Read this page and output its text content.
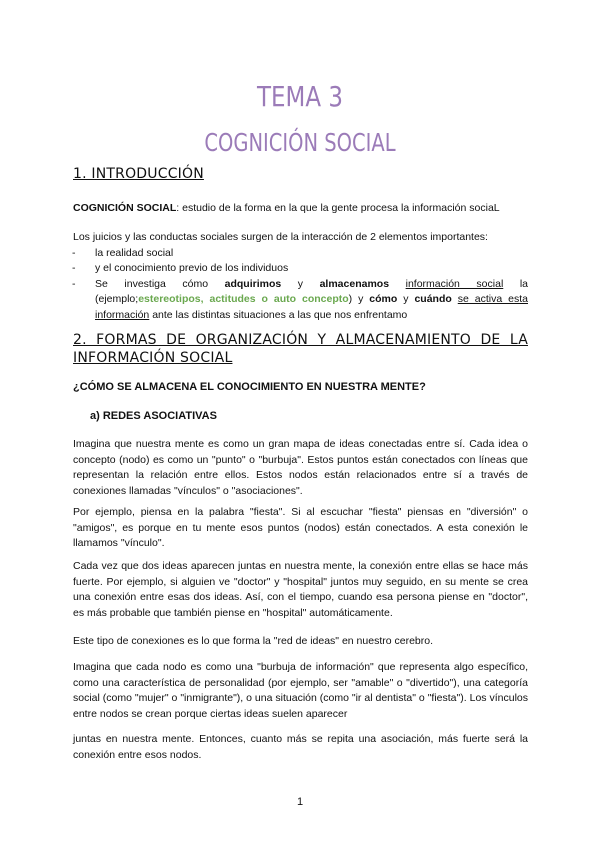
TEMA 3
COGNICIÓN SOCIAL
1. INTRODUCCIÓN
COGNICIÓN SOCIAL: estudio de la forma en la que la gente procesa la información sociaL
Los juicios y las conductas sociales surgen de la interacción de 2 elementos importantes:
- la realidad social
- y el conocimiento previo de los individuos
- Se investiga cómo adquirimos y almacenamos información social la (ejemplo;estereotipos, actitudes o auto concepto) y cómo y cuándo se activa esta información ante las distintas situaciones a las que nos enfrentamo
2. FORMAS DE ORGANIZACIÓN Y ALMACENAMIENTO DE LA INFORMACIÓN SOCIAL
¿CÓMO SE ALMACENA EL CONOCIMIENTO EN NUESTRA MENTE?
a) REDES ASOCIATIVAS
Imagina que nuestra mente es como un gran mapa de ideas conectadas entre sí. Cada idea o concepto (nodo) es como un "punto" o "burbuja". Estos puntos están conectados con líneas que representan la relación entre ellos. Estos nodos están relacionados entre sí a través de conexiones llamadas "vínculos" o "asociaciones".
Por ejemplo, piensa en la palabra "fiesta". Si al escuchar "fiesta" piensas en "diversión" o "amigos", es porque en tu mente esos puntos (nodos) están conectados. A esta conexión le llamamos "vínculo".
Cada vez que dos ideas aparecen juntas en nuestra mente, la conexión entre ellas se hace más fuerte. Por ejemplo, si alguien ve "doctor" y "hospital" juntos muy seguido, en su mente se crea una conexión entre esas dos ideas. Así, con el tiempo, cuando esa persona piense en "doctor", es más probable que también piense en "hospital" automáticamente.
Este tipo de conexiones es lo que forma la "red de ideas" en nuestro cerebro.
Imagina que cada nodo es como una "burbuja de información" que representa algo específico, como una característica de personalidad (por ejemplo, ser "amable" o "divertido"), una categoría social (como "mujer" o "inmigrante"), o una situación (como "ir al dentista" o "fiesta"). Los vínculos entre nodos se crean porque ciertas ideas suelen aparecer
juntas en nuestra mente. Entonces, cuanto más se repita una asociación, más fuerte será la conexión entre esos nodos.
1
